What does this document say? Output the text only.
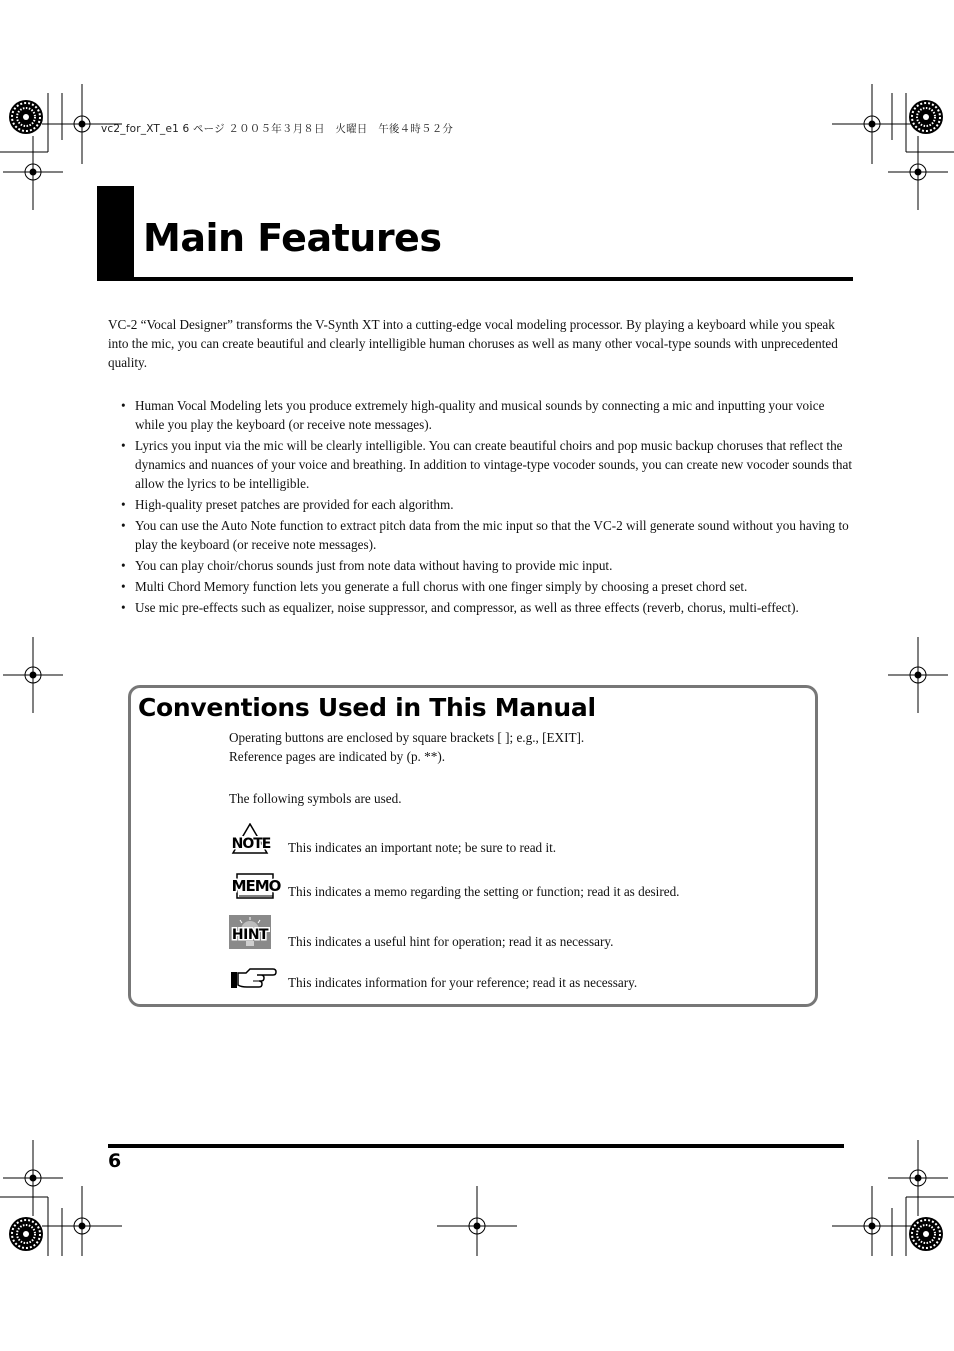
vc2_for_XT_e1 6 ページ ２００５年３月８日　火曜日　午後４時５２分
Main Features

VC-2 “Vocal Designer” transforms the V-Synth XT into a cutting-edge vocal modeling processor. By playing a keyboard while you speak into the mic, you can create beautiful and clearly intelligible human choruses as well as many other vocal-type sounds with unprecedented quality.

• Human Vocal Modeling lets you produce extremely high-quality and musical sounds by connecting a mic and inputting your voice while you play the keyboard (or receive note messages).
• Lyrics you input via the mic will be clearly intelligible. You can create beautiful choirs and pop music backup choruses that reflect the dynamics and nuances of your voice and breathing. In addition to vintage-type vocoder sounds, you can create new vocoder sounds that allow the lyrics to be intelligible.
• High-quality preset patches are provided for each algorithm.
• You can use the Auto Note function to extract pitch data from the mic input so that the VC-2 will generate sound without you having to play the keyboard (or receive note messages).
• You can play choir/chorus sounds just from note data without having to provide mic input.
• Multi Chord Memory function lets you generate a full chorus with one finger simply by choosing a preset chord set.
• Use mic pre-effects such as equalizer, noise suppressor, and compressor, as well as three effects (reverb, chorus, multi-effect).
Conventions Used in This Manual
Operating buttons are enclosed by square brackets [ ]; e.g., [EXIT].
Reference pages are indicated by (p. **).
The following symbols are used.
NOTE This indicates an important note; be sure to read it.
MEMO This indicates a memo regarding the setting or function; read it as desired.
HINT This indicates a useful hint for operation; read it as necessary.
This indicates information for your reference; read it as necessary.
6
